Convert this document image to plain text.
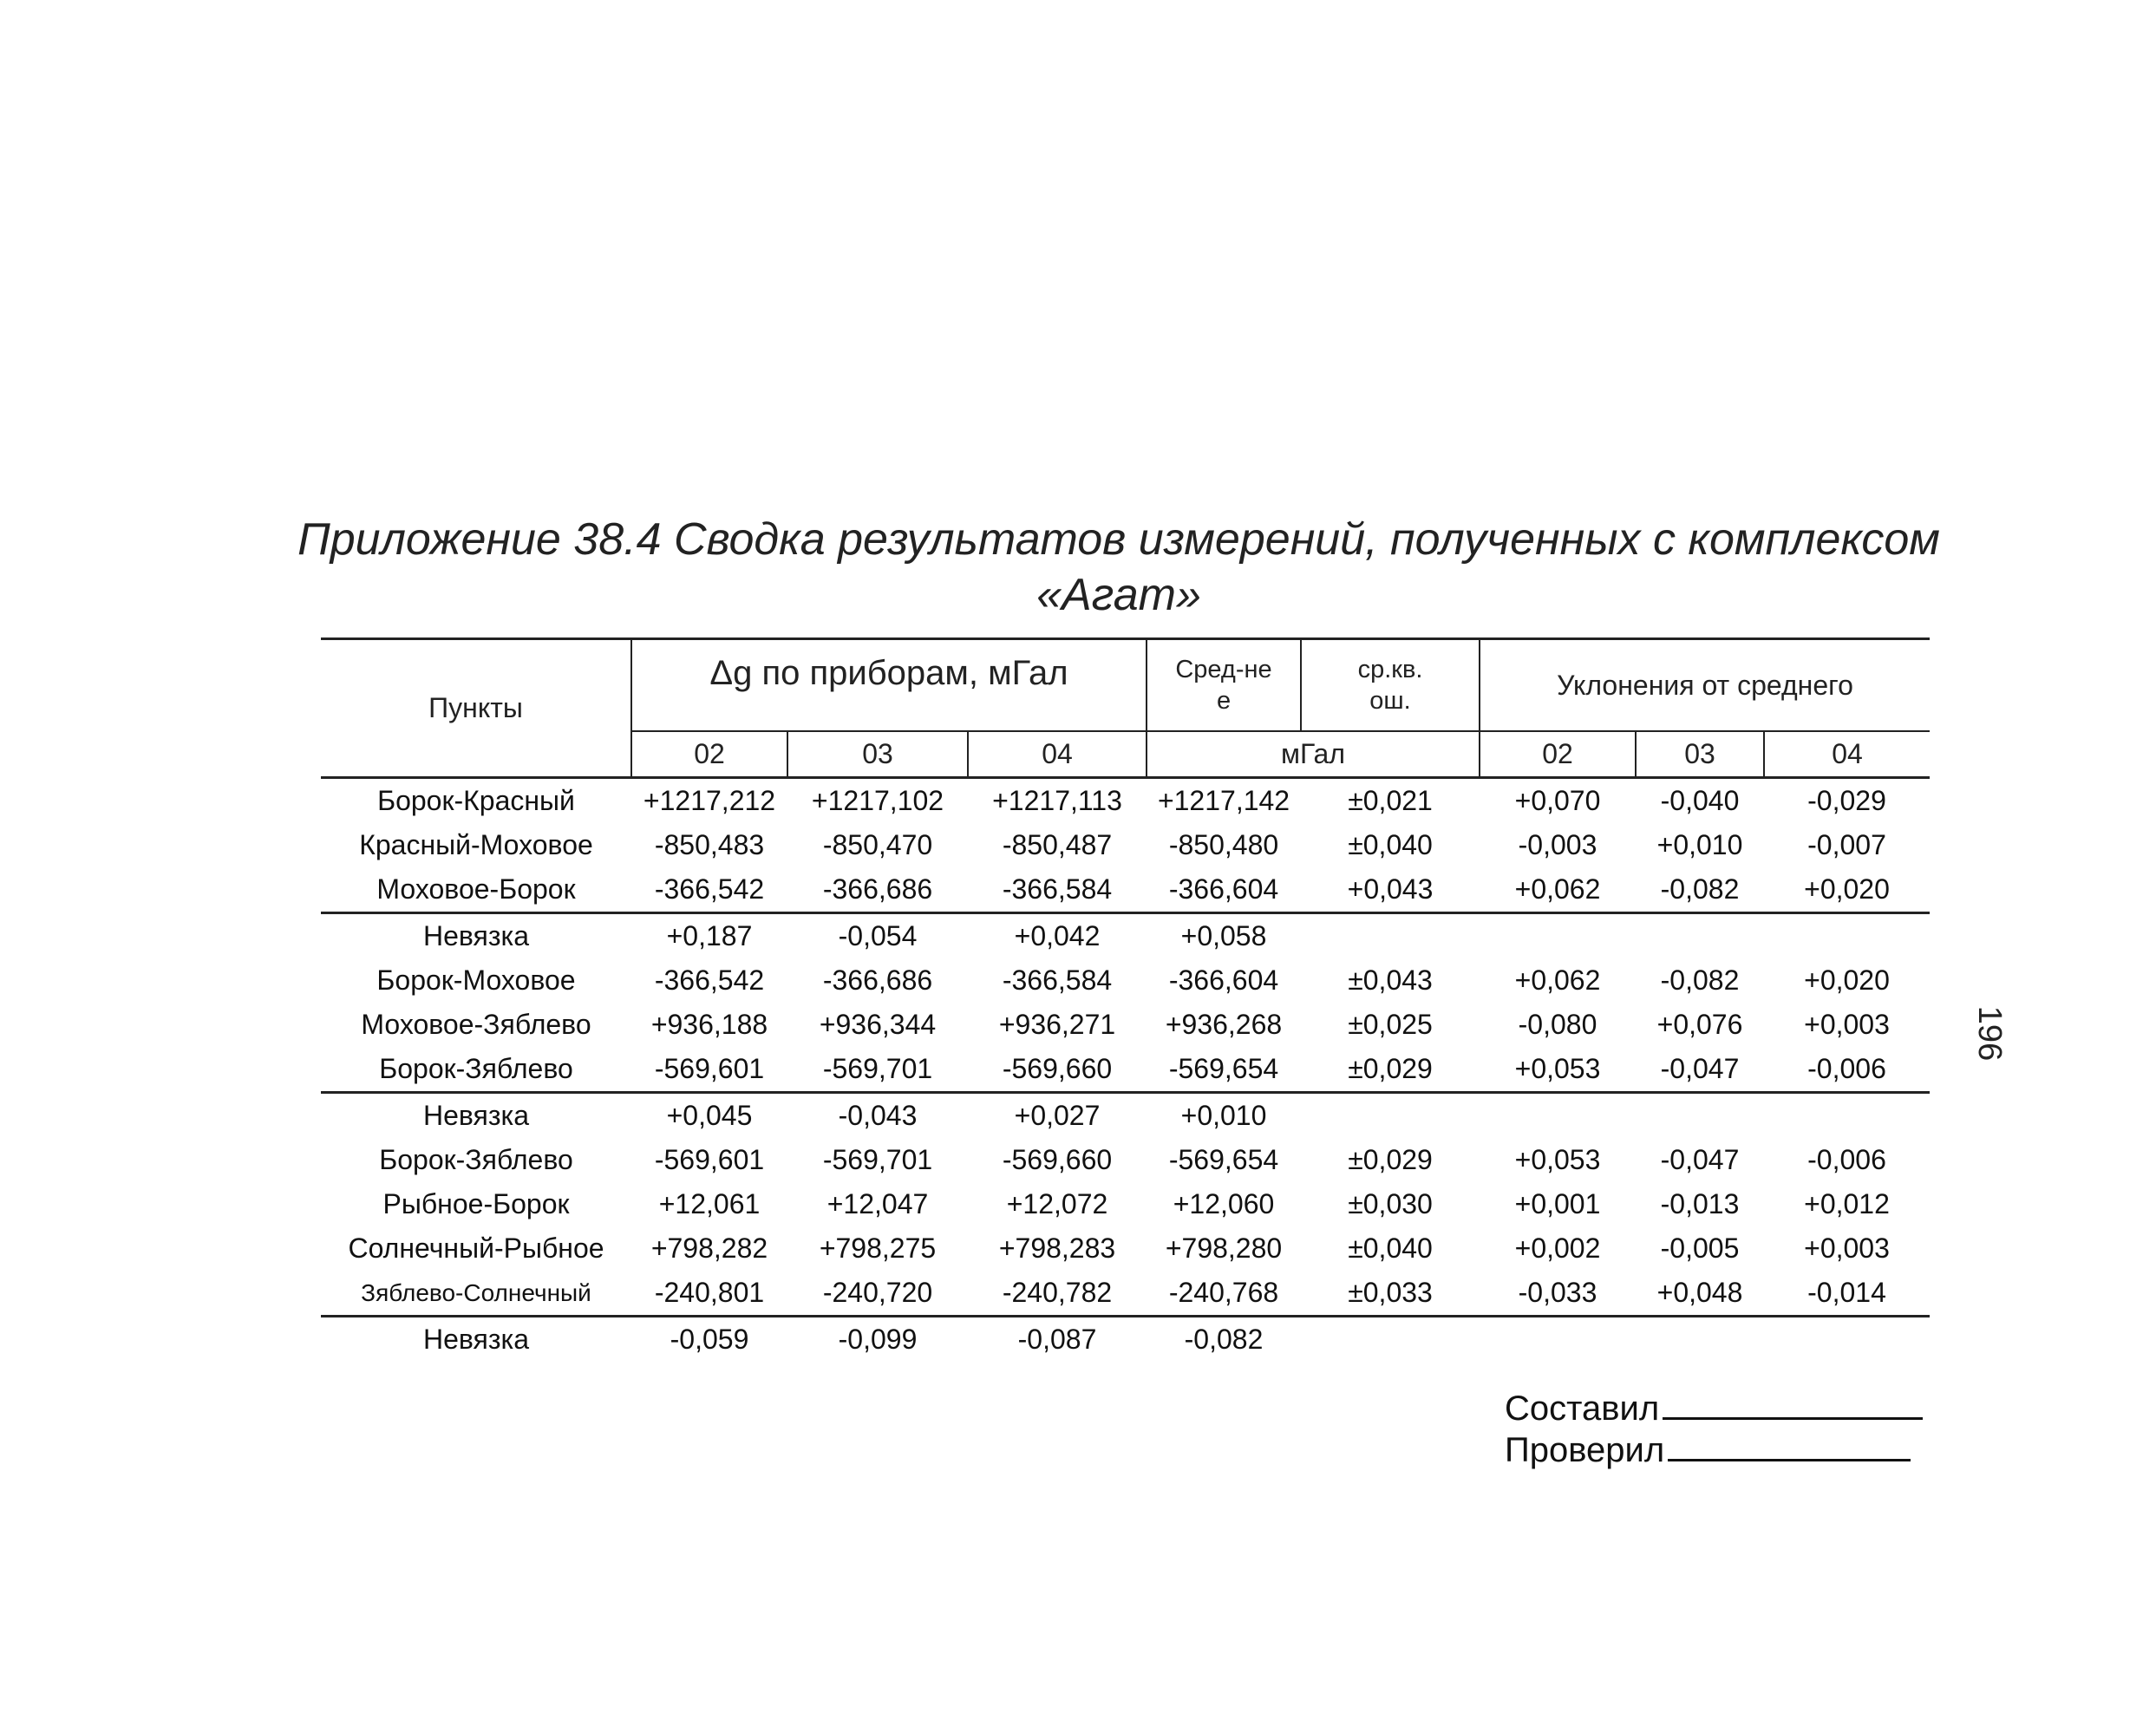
Приложение 38.4 Сводка результатов измерений, полученных с комплексом «Агат»
Пункты	Δg по приборам, мГал			Сред-нее	ср.кв. ош.	Уклонения от среднего		
	02	03	04	мГал		02	03	04
Борок-Красный	+1217,212	+1217,102	+1217,113	+1217,142	±0,021	+0,070	-0,040	-0,029
Красный-Моховое	-850,483	-850,470	-850,487	-850,480	±0,040	-0,003	+0,010	-0,007
Моховое-Борок	-366,542	-366,686	-366,584	-366,604	+0,043	+0,062	-0,082	+0,020
Невязка	+0,187	-0,054	+0,042	+0,058				
Борок-Моховое	-366,542	-366,686	-366,584	-366,604	±0,043	+0,062	-0,082	+0,020
Моховое-Зяблево	+936,188	+936,344	+936,271	+936,268	±0,025	-0,080	+0,076	+0,003
Борок-Зяблево	-569,601	-569,701	-569,660	-569,654	±0,029	+0,053	-0,047	-0,006
Невязка	+0,045	-0,043	+0,027	+0,010				
Борок-Зяблево	-569,601	-569,701	-569,660	-569,654	±0,029	+0,053	-0,047	-0,006
Рыбное-Борок	+12,061	+12,047	+12,072	+12,060	±0,030	+0,001	-0,013	+0,012
Солнечный-Рыбное	+798,282	+798,275	+798,283	+798,280	±0,040	+0,002	-0,005	+0,003
Зяблево-Солнечный	-240,801	-240,720	-240,782	-240,768	±0,033	-0,033	+0,048	-0,014
Невязка	-0,059	-0,099	-0,087	-0,082				
196
Составил
Проверил
